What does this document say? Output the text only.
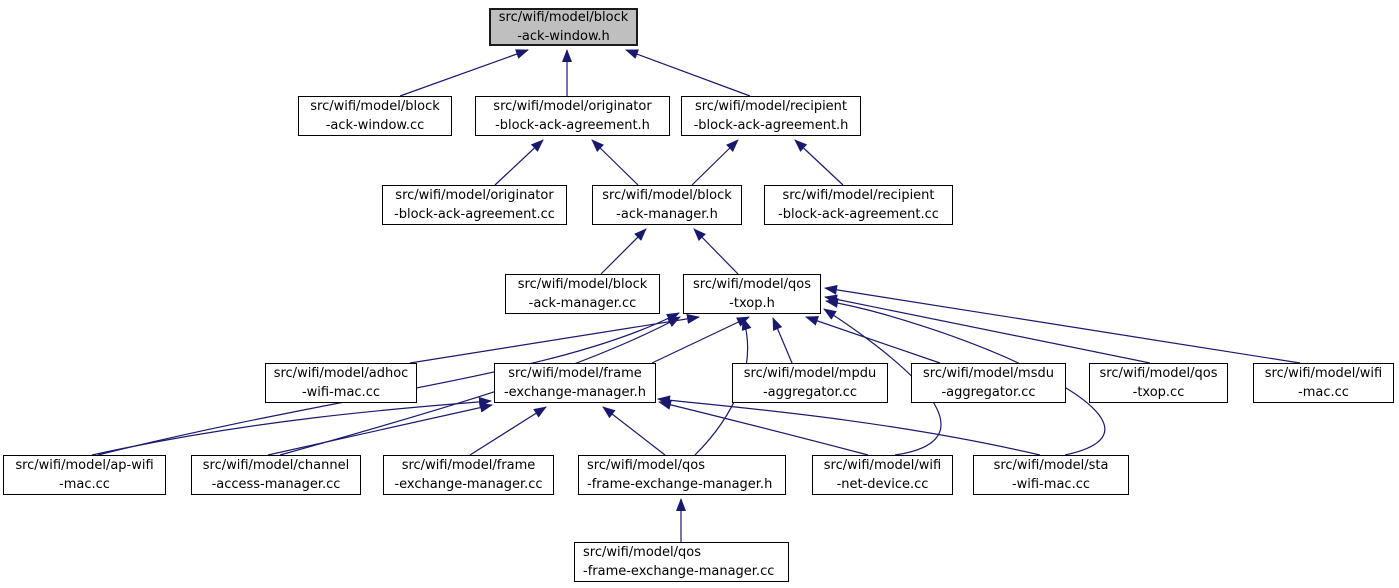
src/wifi/model/block
-ack-window.h
src/wifi/model/block
-ack-window.cc
src/wifi/model/originator
-block-ack-agreement.h
src/wifi/model/recipient
-block-ack-agreement.h
src/wifi/model/originator
-block-ack-agreement.cc
src/wifi/model/block
-ack-manager.h
src/wifi/model/recipient
-block-ack-agreement.cc
src/wifi/model/block
-ack-manager.cc
src/wifi/model/qos
-txop.h
src/wifi/model/adhoc
-wifi-mac.cc
src/wifi/model/frame
-exchange-manager.h
src/wifi/model/mpdu
-aggregator.cc
src/wifi/model/msdu
-aggregator.cc
src/wifi/model/qos
-txop.cc
src/wifi/model/wifi
-mac.cc
src/wifi/model/ap-wifi
-mac.cc
src/wifi/model/channel
-access-manager.cc
src/wifi/model/frame
-exchange-manager.cc
src/wifi/model/qos
-frame-exchange-manager.h
src/wifi/model/wifi
-net-device.cc
src/wifi/model/sta
-wifi-mac.cc
src/wifi/model/qos
-frame-exchange-manager.cc
